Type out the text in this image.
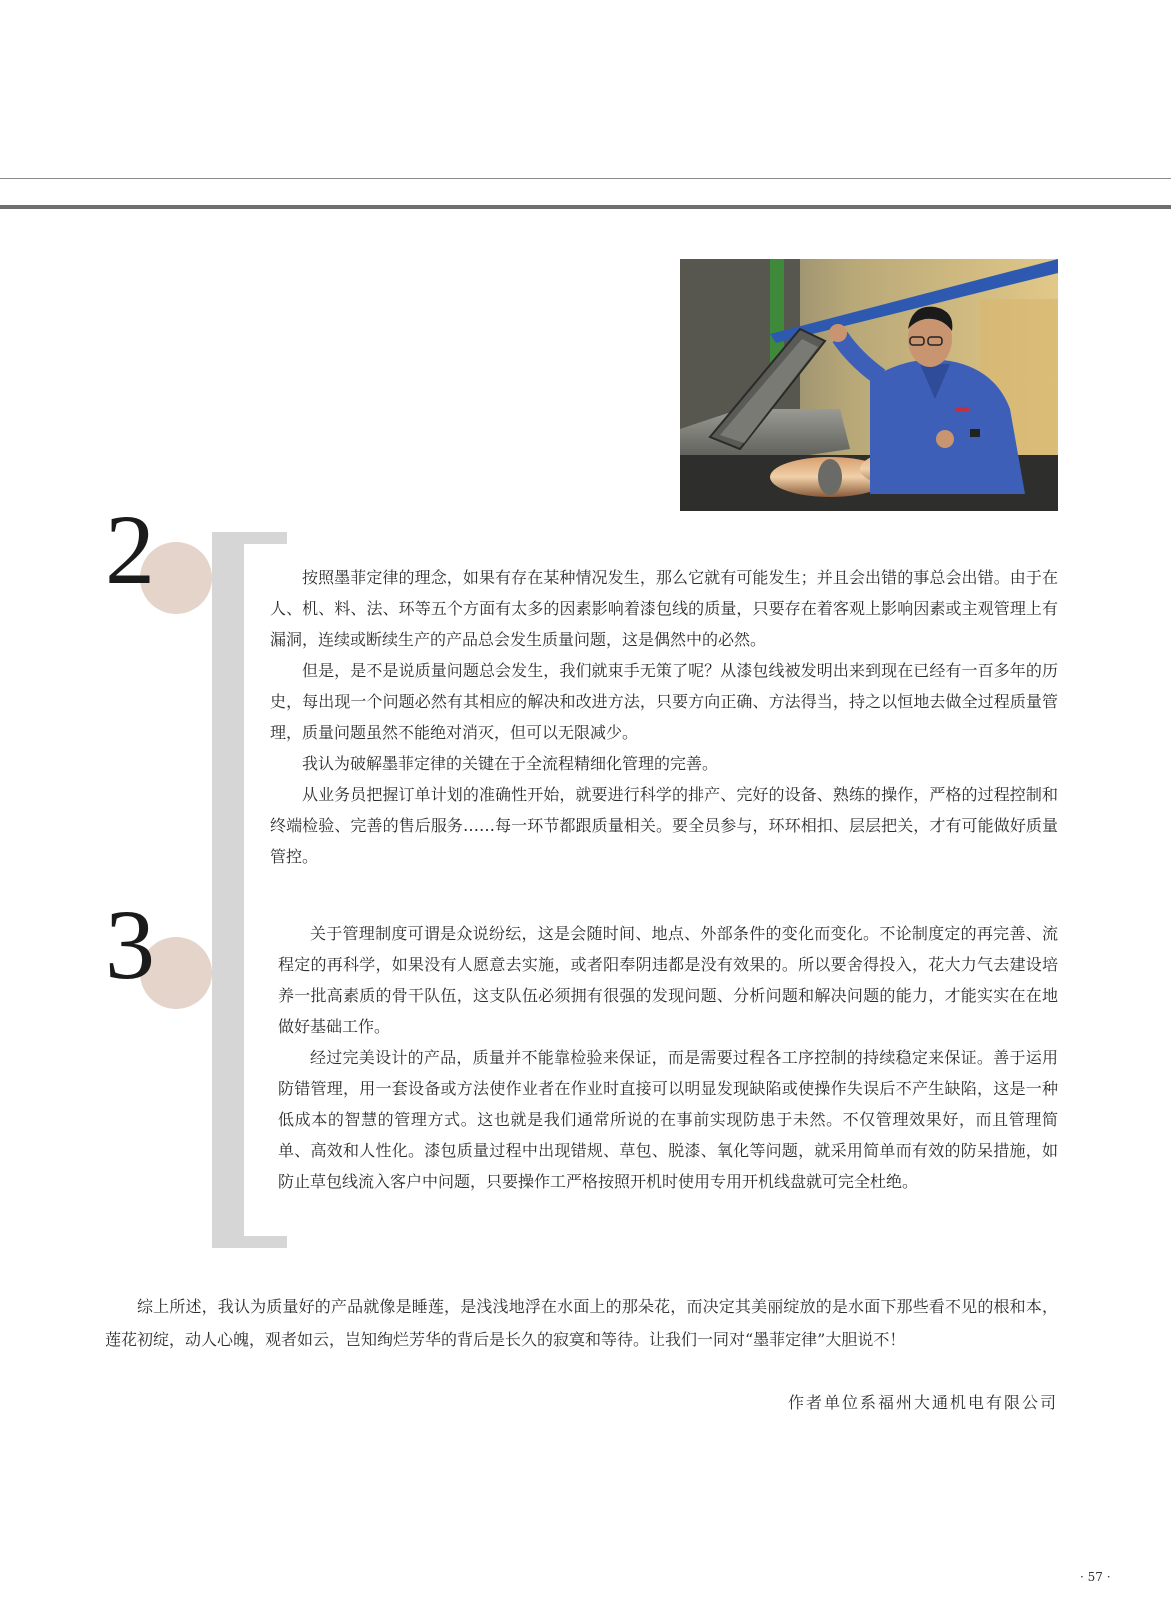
2
3

按照墨菲定律的理念，如果有存在某种情况发生，那么它就有可能发生；并且会出错的事总会出错。由于在人、机、料、法、环等五个方面有太多的因素影响着漆包线的质量，只要存在着客观上影响因素或主观管理上有漏洞，连续或断续生产的产品总会发生质量问题，这是偶然中的必然。

但是，是不是说质量问题总会发生，我们就束手无策了呢？从漆包线被发明出来到现在已经有一百多年的历史，每出现一个问题必然有其相应的解决和改进方法，只要方向正确、方法得当，持之以恒地去做全过程质量管理，质量问题虽然不能绝对消灭，但可以无限减少。

我认为破解墨菲定律的关键在于全流程精细化管理的完善。

从业务员把握订单计划的准确性开始，就要进行科学的排产、完好的设备、熟练的操作，严格的过程控制和终端检验、完善的售后服务……每一环节都跟质量相关。要全员参与，环环相扣、层层把关，才有可能做好质量管控。

关于管理制度可谓是众说纷纭，这是会随时间、地点、外部条件的变化而变化。不论制度定的再完善、流程定的再科学，如果没有人愿意去实施，或者阳奉阴违都是没有效果的。所以要舍得投入，花大力气去建设培养一批高素质的骨干队伍，这支队伍必须拥有很强的发现问题、分析问题和解决问题的能力，才能实实在在地做好基础工作。

经过完美设计的产品，质量并不能靠检验来保证，而是需要过程各工序控制的持续稳定来保证。善于运用防错管理，用一套设备或方法使作业者在作业时直接可以明显发现缺陷或使操作失误后不产生缺陷，这是一种低成本的智慧的管理方式。这也就是我们通常所说的在事前实现防患于未然。不仅管理效果好，而且管理简单、高效和人性化。漆包质量过程中出现错规、草包、脱漆、氧化等问题，就采用简单而有效的防呆措施，如防止草包线流入客户中问题，只要操作工严格按照开机时使用专用开机线盘就可完全杜绝。

综上所述，我认为质量好的产品就像是睡莲，是浅浅地浮在水面上的那朵花，而决定其美丽绽放的是水面下那些看不见的根和本，莲花初绽，动人心魄，观者如云，岂知绚烂芳华的背后是长久的寂寞和等待。让我们一同对“墨菲定律”大胆说不！

作者单位系福州大通机电有限公司
· 57 ·
